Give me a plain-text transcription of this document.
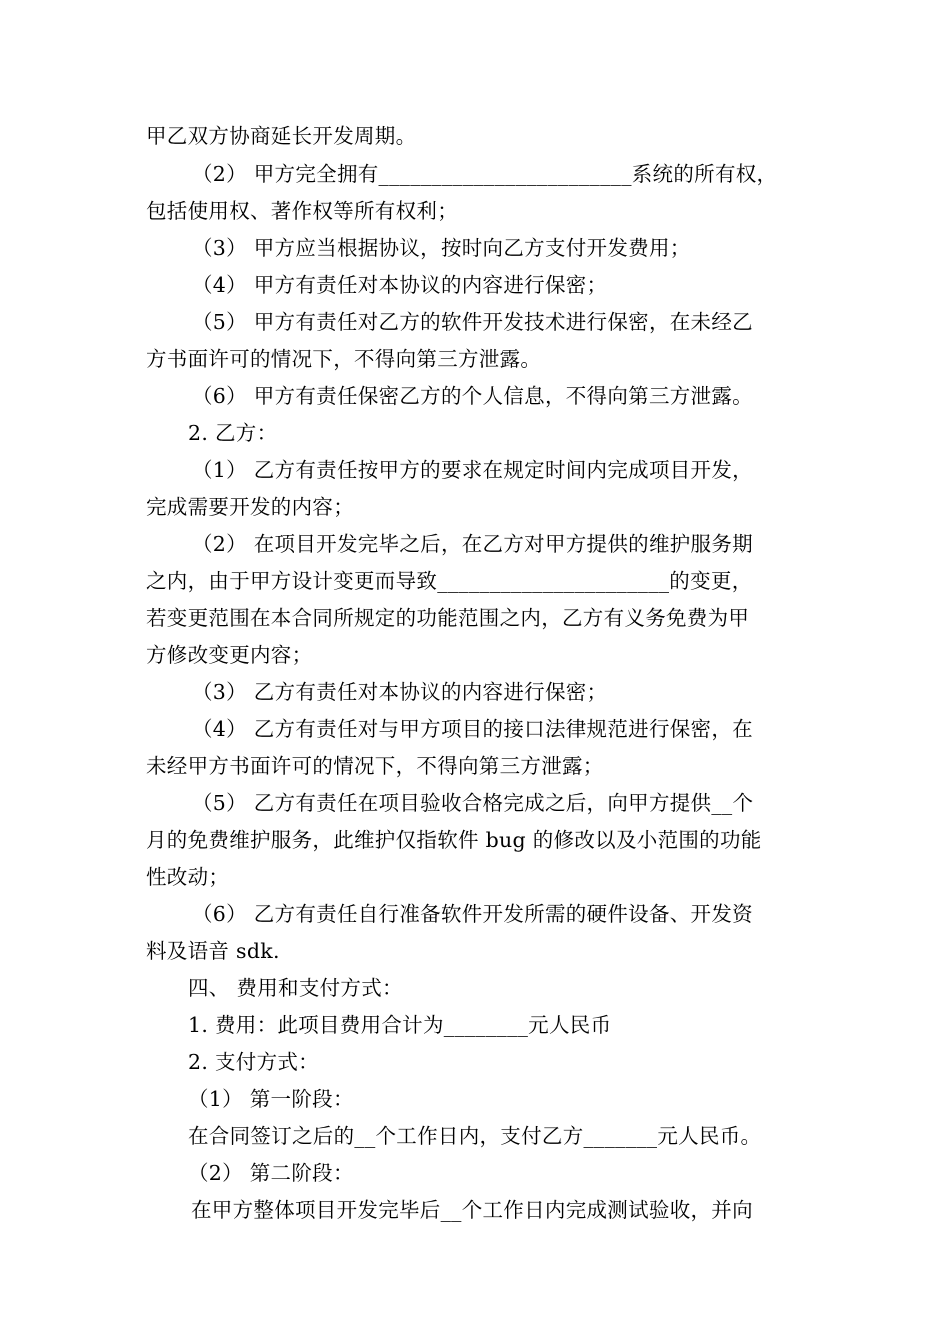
甲乙双方协商延长开发周期。
（2） 甲方完全拥有________________________系统的所有权，
包括使用权、著作权等所有权利；
（3） 甲方应当根据协议，按时向乙方支付开发费用；
（4） 甲方有责任对本协议的内容进行保密；
（5） 甲方有责任对乙方的软件开发技术进行保密，在未经乙
方书面许可的情况下，不得向第三方泄露。
（6） 甲方有责任保密乙方的个人信息，不得向第三方泄露。
2. 乙方：
（1） 乙方有责任按甲方的要求在规定时间内完成项目开发，
完成需要开发的内容；
（2） 在项目开发完毕之后，在乙方对甲方提供的维护服务期
之内，由于甲方设计变更而导致______________________的变更，
若变更范围在本合同所规定的功能范围之内，乙方有义务免费为甲
方修改变更内容；
（3） 乙方有责任对本协议的内容进行保密；
（4） 乙方有责任对与甲方项目的接口法律规范进行保密，在
未经甲方书面许可的情况下，不得向第三方泄露；
（5） 乙方有责任在项目验收合格完成之后，向甲方提供__个
月的免费维护服务，此维护仅指软件 bug 的修改以及小范围的功能
性改动；
（6） 乙方有责任自行准备软件开发所需的硬件设备、开发资
料及语音 sdk.
四、 费用和支付方式：
1. 费用：此项目费用合计为________元人民币
2. 支付方式：
（1） 第一阶段：
在合同签订之后的__个工作日内，支付乙方_______元人民币。
（2） 第二阶段：
在甲方整体项目开发完毕后__个工作日内完成测试验收，并向
